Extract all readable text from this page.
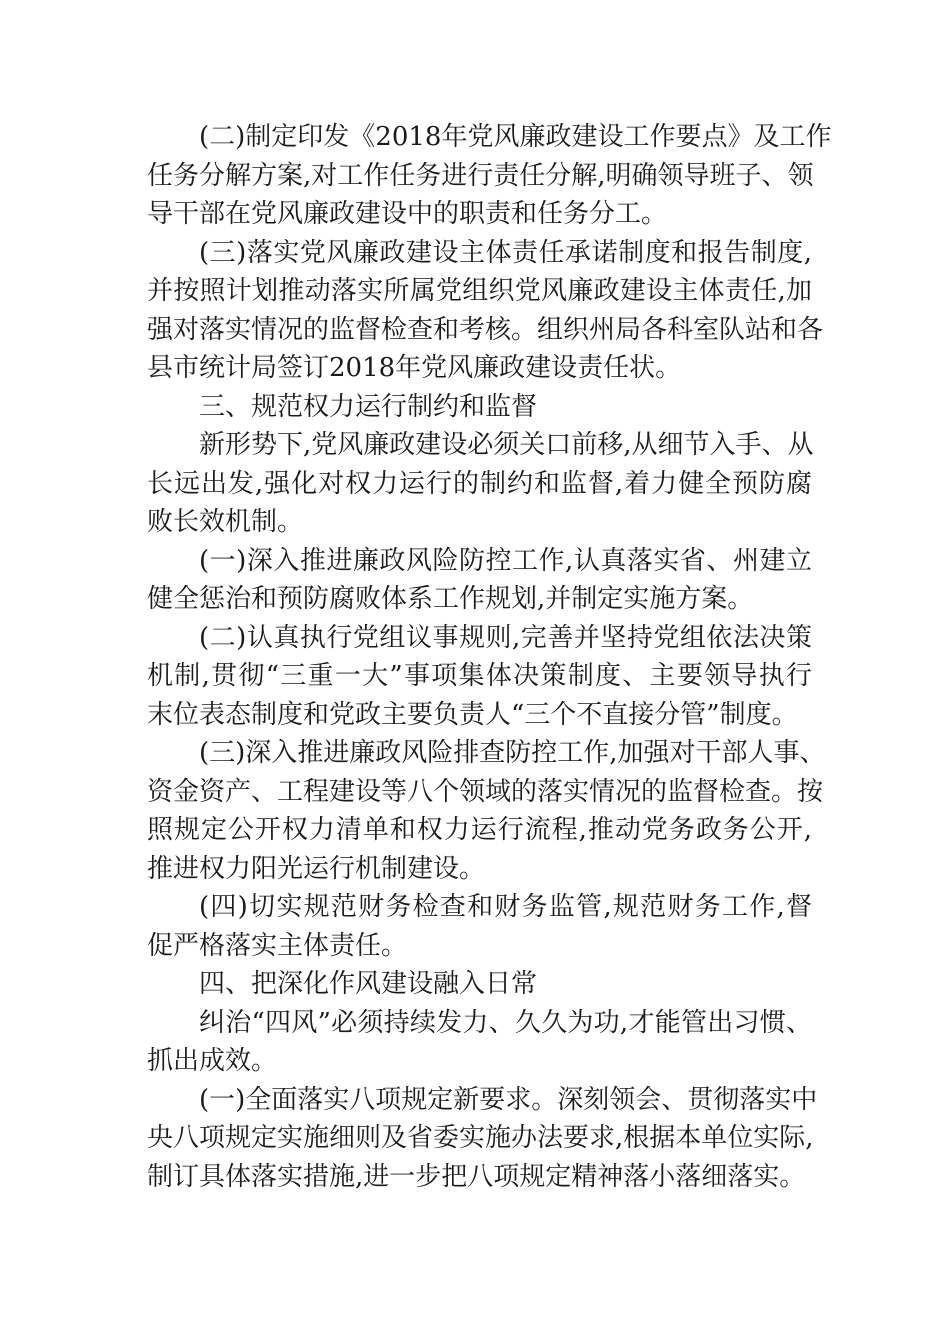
(二)制定印发《2018年党风廉政建设工作要点》及工作
任务分解方案,对工作任务进行责任分解,明确领导班子、领
导干部在党风廉政建设中的职责和任务分工。

(三)落实党风廉政建设主体责任承诺制度和报告制度,
并按照计划推动落实所属党组织党风廉政建设主体责任,加
强对落实情况的监督检查和考核。组织州局各科室队站和各
县市统计局签订2018年党风廉政建设责任状。

三、规范权力运行制约和监督

新形势下,党风廉政建设必须关口前移,从细节入手、从
长远出发,强化对权力运行的制约和监督,着力健全预防腐
败长效机制。

(一)深入推进廉政风险防控工作,认真落实省、州建立
健全惩治和预防腐败体系工作规划,并制定实施方案。

(二)认真执行党组议事规则,完善并坚持党组依法决策
机制,贯彻“三重一大”事项集体决策制度、主要领导执行
末位表态制度和党政主要负责人“三个不直接分管”制度。

(三)深入推进廉政风险排查防控工作,加强对干部人事、
资金资产、工程建设等八个领域的落实情况的监督检查。按
照规定公开权力清单和权力运行流程,推动党务政务公开,
推进权力阳光运行机制建设。

(四)切实规范财务检查和财务监管,规范财务工作,督
促严格落实主体责任。

四、把深化作风建设融入日常

纠治“四风”必须持续发力、久久为功,才能管出习惯、
抓出成效。

(一)全面落实八项规定新要求。深刻领会、贯彻落实中
央八项规定实施细则及省委实施办法要求,根据本单位实际,
制订具体落实措施,进一步把八项规定精神落小落细落实。
